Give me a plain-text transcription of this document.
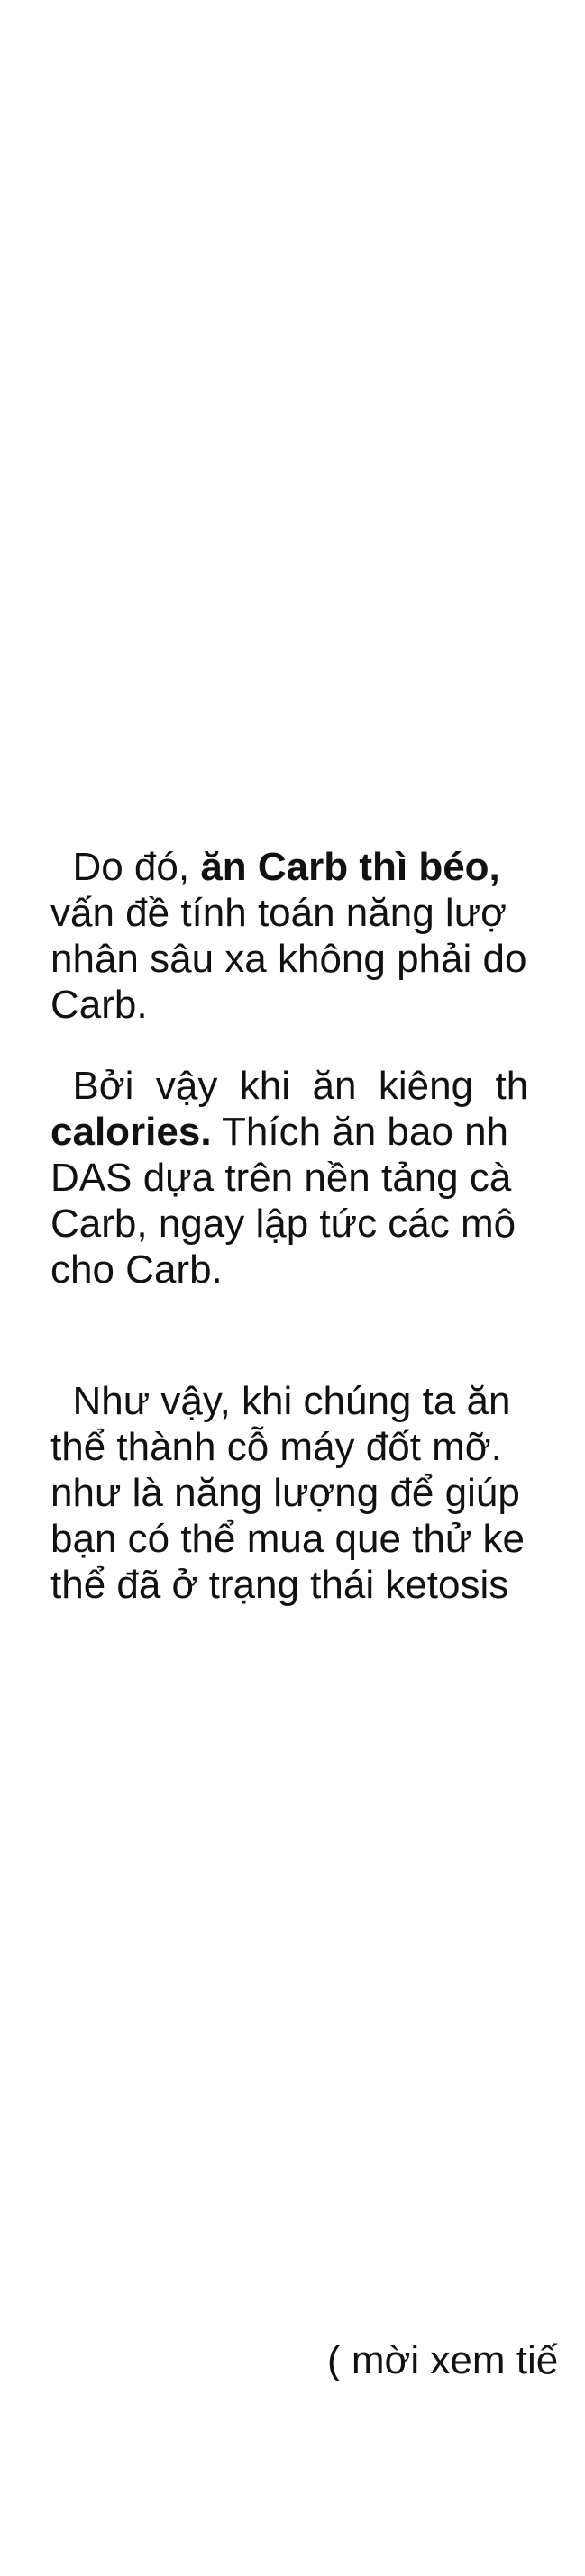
Do đó, ăn Carb thì béo,
vấn đề tính toán năng lượ
nhân sâu xa không phải do
Carb.

Bởi  vậy  khi  ăn  kiêng  th
calories. Thích ăn bao nh
DAS dựa trên nền tảng cà
Carb, ngay lập tức các mô
cho Carb.

Như vậy, khi chúng ta ăn
thể thành cỗ máy đốt mỡ.
như là năng lượng để giúp
bạn có thể mua que thử ke
thể đã ở trạng thái ketosis

( mời xem tiế
